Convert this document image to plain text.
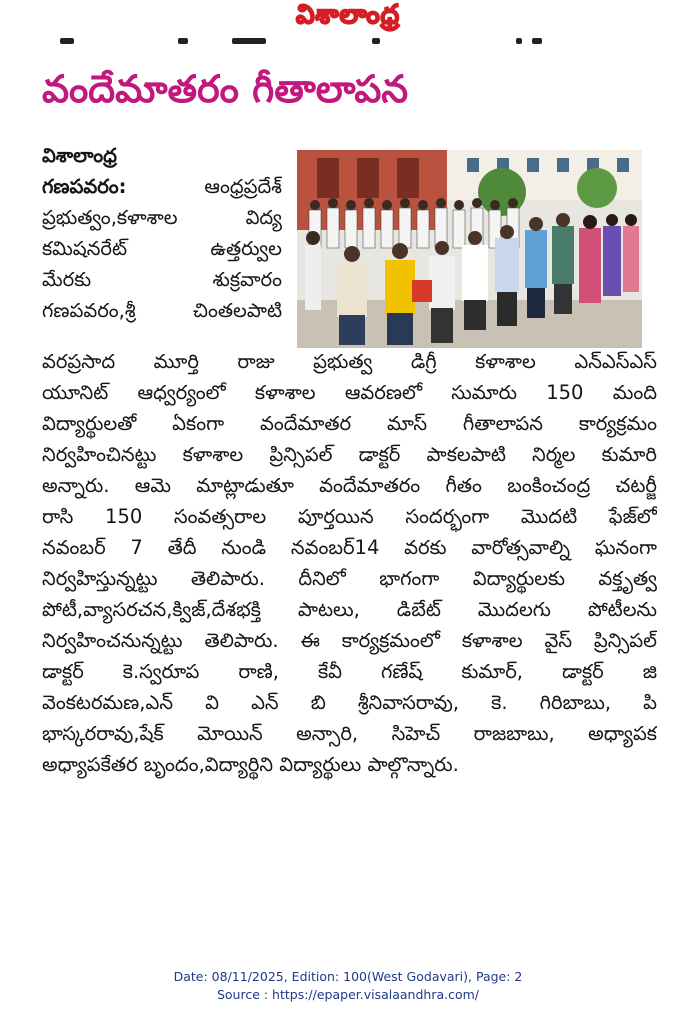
విశాలాంధ్ర
వందేమాతరం గీతాలాపన
విశాలాంధ్ర
గణపవరం:	ఆంధ్రప్రదేశ్
ప్రభుత్వం,కళాశాల	విద్య
కమిషనరేట్	ఉత్తర్వుల
మేరకు	శుక్రవారం
గణపవరం,శ్రీ	చింతలపాటి
వరప్రసాద మూర్తి రాజు ప్రభుత్వ డిగ్రీ కళాశాల ఎన్ఎస్ఎస్
యూనిట్ ఆధ్వర్యంలో కళాశాల ఆవరణలో సుమారు 150 మంది
విద్యార్థులతో ఏకంగా వందేమాతర మాస్ గీతాలాపన కార్యక్రమం
నిర్వహించినట్టు కళాశాల ప్రిన్సిపల్ డాక్టర్ పాకలపాటి నిర్మల కుమారి
అన్నారు. ఆమె మాట్లాడుతూ వందేమాతరం గీతం బంకించంద్ర చటర్జీ
రాసి 150 సంవత్సరాల పూర్తయిన సందర్భంగా మొదటి ఫేజ్‌లో
నవంబర్ 7 తేదీ నుండి నవంబర్14 వరకు వారోత్సవాల్ని ఘనంగా
నిర్వహిస్తున్నట్టు తెలిపారు. దీనిలో భాగంగా విద్యార్థులకు వక్తృత్వ
పోటీ,వ్యాసరచన,క్విజ్,దేశభక్తి పాటలు, డిబేట్ మొదలగు పోటీలను
నిర్వహించనున్నట్టు తెలిపారు. ఈ కార్యక్రమంలో కళాశాల వైస్ ప్రిన్సిపల్
డాక్టర్ కె.స్వరూప రాణి, కేవీ గణేష్ కుమార్, డాక్టర్ జి
వెంకటరమణ,ఎన్ వి ఎన్ బి శ్రీనివాసరావు, కె. గిరిబాబు, పి
భాస్కరరావు,షేక్ మోయిన్ అన్సారి, సిహెచ్ రాజబాబు, అధ్యాపక
అధ్యాపకేతర బృందం,విద్యార్థిని విద్యార్థులు పాల్గొన్నారు.
Date: 08/11/2025, Edition: 100(West Godavari), Page: 2
Source : https://epaper.visalaandhra.com/
